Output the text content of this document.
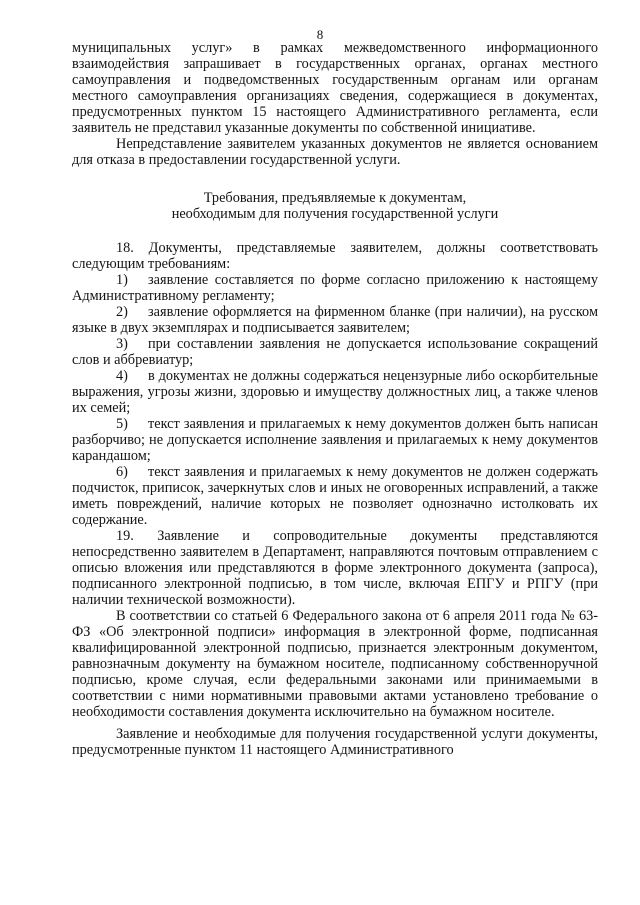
8

муниципальных услуг» в рамках межведомственного информационного взаимодействия запрашивает в государственных органах, органах местного самоуправления и подведомственных государственным органам или органам местного самоуправления организациях сведения, содержащиеся в документах, предусмотренных пунктом 15 настоящего Административного регламента, если заявитель не представил указанные документы по собственной инициативе.

Непредставление заявителем указанных документов не является основанием для отказа в предоставлении государственной услуги.

Требования, предъявляемые к документам,

необходимым для получения государственной услуги

18. Документы, представляемые заявителем, должны соответствовать следующим требованиям:

1) заявление составляется по форме согласно приложению к настоящему Административному регламенту;

2) заявление оформляется на фирменном бланке (при наличии), на русском языке в двух экземплярах и подписывается заявителем;

3) при составлении заявления не допускается использование сокращений слов и аббревиатур;

4) в документах не должны содержаться нецензурные либо оскорбительные выражения, угрозы жизни, здоровью и имуществу должностных лиц, а также членов их семей;

5) текст заявления и прилагаемых к нему документов должен быть написан разборчиво; не допускается исполнение заявления и прилагаемых к нему документов карандашом;

6) текст заявления и прилагаемых к нему документов не должен содержать подчисток, приписок, зачеркнутых слов и иных не оговоренных исправлений, а также иметь повреждений, наличие которых не позволяет однозначно истолковать их содержание.

19. Заявление и сопроводительные документы представляются непосредственно заявителем в Департамент, направляются почтовым отправлением с описью вложения или представляются в форме электронного документа (запроса), подписанного электронной подписью, в том числе, включая ЕПГУ и РПГУ (при наличии технической возможности).

В соответствии со статьей 6 Федерального закона от 6 апреля 2011 года № 63-ФЗ «Об электронной подписи» информация в электронной форме, подписанная квалифицированной электронной подписью, признается электронным документом, равнозначным документу на бумажном носителе, подписанному собственноручной подписью, кроме случая, если федеральными законами или принимаемыми в соответствии с ними нормативными правовыми актами установлено требование о необходимости составления документа исключительно на бумажном носителе.

Заявление и необходимые для получения государственной услуги документы, предусмотренные пунктом 11 настоящего Административного
